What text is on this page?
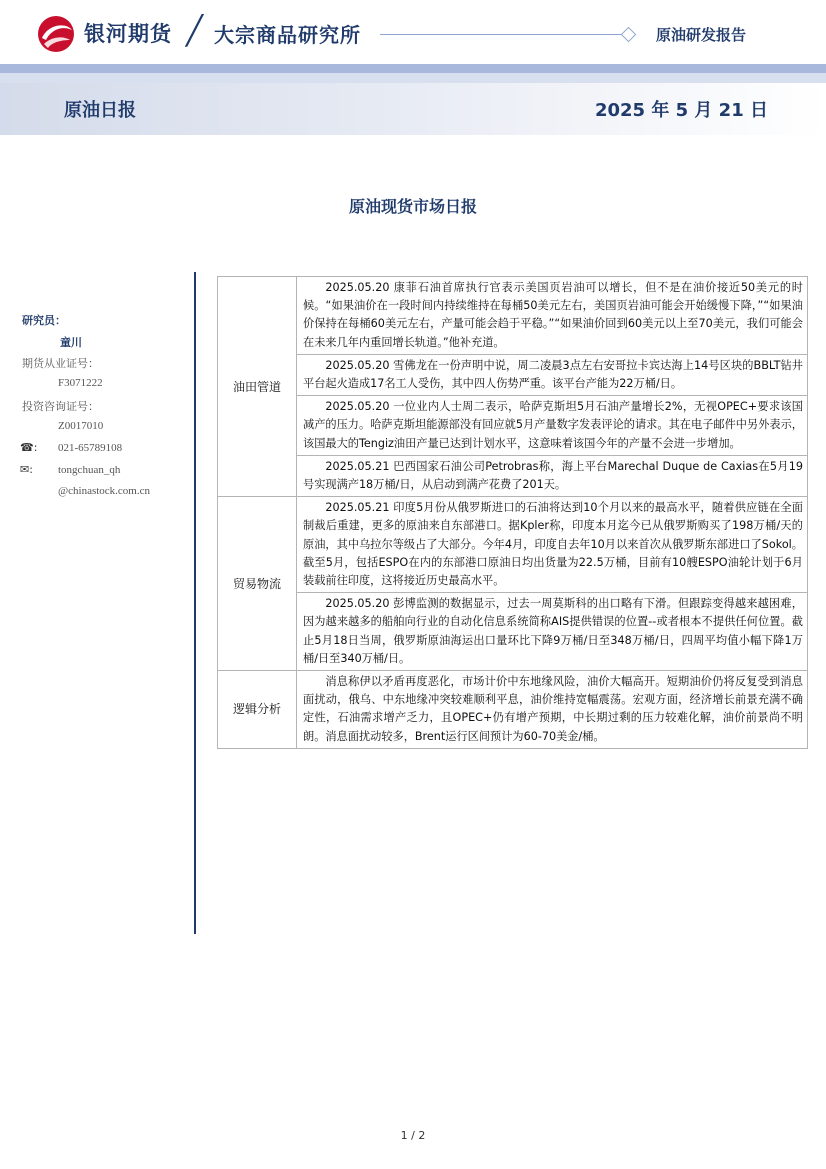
银河期货 ╱ 大宗商品研究所	原油研发报告
原油日报	2025 年 5 月 21 日
原油现货市场日报
研究员：
童川
期货从业证号：
F3071222
投资咨询证号：
Z0017010
☎: 021-65789108
✉: tongchuan_qh
@chinastock.com.cn
油田管道	2025.05.20 康菲石油首席执行官表示美国页岩油可以增长，但不是在油价接近50美元的时候。“如果油价在一段时间内持续维持在每桶50美元左右，美国页岩油可能会开始缓慢下降，”“如果油价保持在每桶60美元左右，产量可能会趋于平稳。”“如果油价回到60美元以上至70美元，我们可能会在未来几年内重回增长轨道。”他补充道。
	2025.05.20 雪佛龙在一份声明中说，周二凌晨3点左右安哥拉卡宾达海上14号区块的BBLT钻井平台起火造成17名工人受伤，其中四人伤势严重。该平台产能为22万桶/日。
	2025.05.20 一位业内人士周二表示，哈萨克斯坦5月石油产量增长2%，无视OPEC+要求该国减产的压力。哈萨克斯坦能源部没有回应就5月产量数字发表评论的请求。其在电子邮件中另外表示，该国最大的Tengiz油田产量已达到计划水平，这意味着该国今年的产量不会进一步增加。
	2025.05.21 巴西国家石油公司Petrobras称，海上平台Marechal Duque de Caxias在5月19号实现满产18万桶/日，从启动到满产花费了201天。
贸易物流	2025.05.21 印度5月份从俄罗斯进口的石油将达到10个月以来的最高水平，随着供应链在全面制裁后重建，更多的原油来自东部港口。据Kpler称，印度本月迄今已从俄罗斯购买了198万桶/天的原油，其中乌拉尔等级占了大部分。今年4月，印度自去年10月以来首次从俄罗斯东部进口了Sokol。截至5月，包括ESPO在内的东部港口原油日均出货量为22.5万桶，目前有10艘ESPO油轮计划于6月装载前往印度，这将接近历史最高水平。
	2025.05.20 彭博监测的数据显示，过去一周莫斯科的出口略有下滑。但跟踪变得越来越困难，因为越来越多的船舶向行业的自动化信息系统简称AIS提供错误的位置--或者根本不提供任何位置。截止5月18日当周，俄罗斯原油海运出口量环比下降9万桶/日至348万桶/日，四周平均值小幅下降1万桶/日至340万桶/日。
逻辑分析	消息称伊以矛盾再度恶化，市场计价中东地缘风险，油价大幅高开。短期油价仍将反复受到消息面扰动，俄乌、中东地缘冲突较难顺利平息，油价维持宽幅震荡。宏观方面，经济增长前景充满不确定性，石油需求增产乏力，且OPEC+仍有增产预期，中长期过剩的压力较难化解，油价前景尚不明朗。消息面扰动较多，Brent运行区间预计为60-70美金/桶。
1 / 2
